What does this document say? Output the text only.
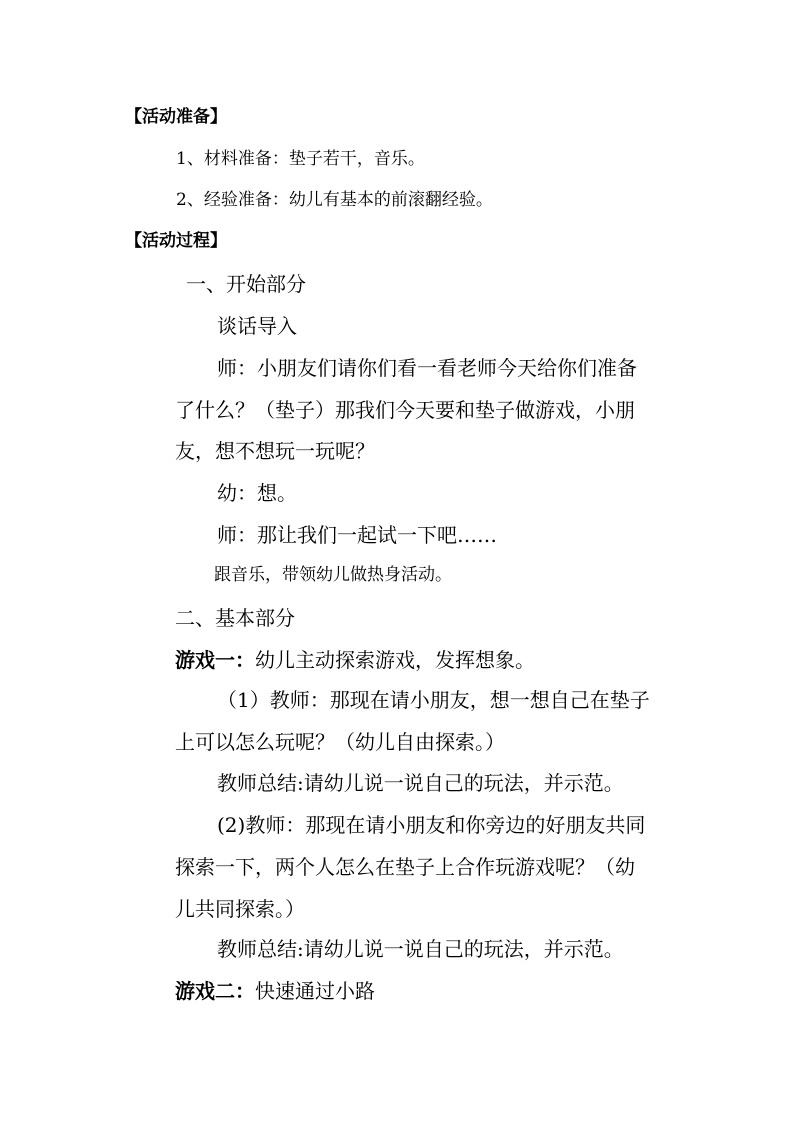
【活动准备】
1、材料准备：垫子若干，音乐。
2、经验准备：幼儿有基本的前滚翻经验。
【活动过程】
一、开始部分
谈话导入
师：小朋友们请你们看一看老师今天给你们准备
了什么？（垫子）那我们今天要和垫子做游戏，小朋
友，想不想玩一玩呢？
幼：想。
师：那让我们一起试一下吧……
跟音乐，带领幼儿做热身活动。
二、基本部分
游戏一：幼儿主动探索游戏，发挥想象。
（1）教师：那现在请小朋友，想一想自己在垫子
上可以怎么玩呢？（幼儿自由探索。）
教师总结:请幼儿说一说自己的玩法，并示范。
(2)教师：那现在请小朋友和你旁边的好朋友共同
探索一下，两个人怎么在垫子上合作玩游戏呢？（幼
儿共同探索。）
教师总结:请幼儿说一说自己的玩法，并示范。
游戏二：快速通过小路
